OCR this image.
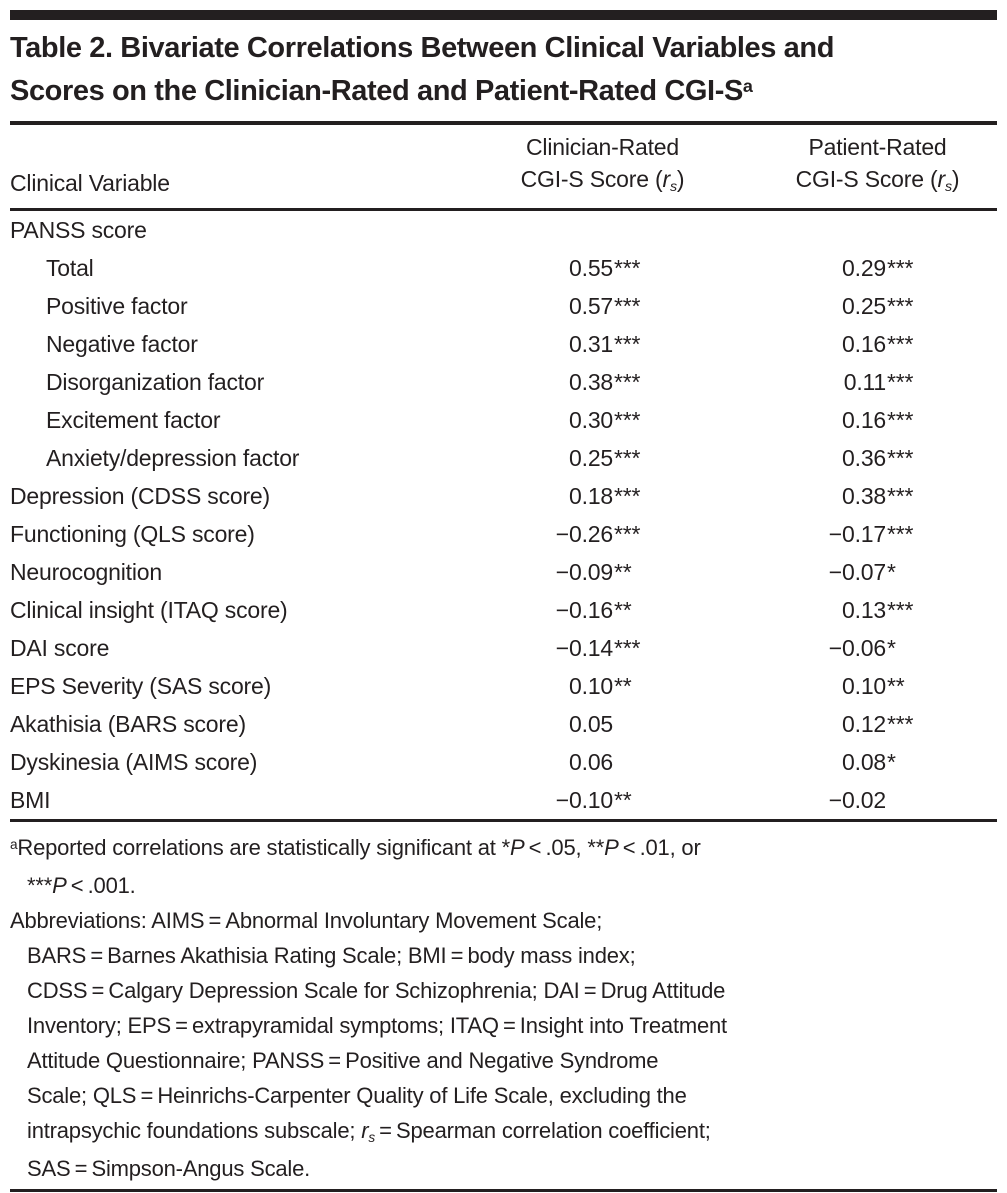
Table 2. Bivariate Correlations Between Clinical Variables and
Scores on the Clinician-Rated and Patient-Rated CGI-$S^a$
Clinical Variable
Clinician-Rated
CGI-S Score (rs)
Patient-Rated
CGI-S Score (rs)
PANSS score
Total	0.55 ***	0.29 ***
Positive factor	0.57 ***	0.25 ***
Negative factor	0.31 ***	0.16 ***
Disorganization factor	0.38 ***	0.11 ***
Excitement factor	0.30 ***	0.16 ***
Anxiety/depression factor	0.25 ***	0.36 ***
Depression (CDSS score)	0.18 ***	0.38 ***
Functioning (QLS score)	−0.26 ***	−0.17 ***
Neurocognition	−0.09 **	−0.07 *
Clinical insight (ITAQ score)	−0.16 **	0.13 ***
DAI score	−0.14 ***	−0.06 *
EPS Severity (SAS score)	0.10 **	0.10 **
Akathisia (BARS score)	0.05	0.12 ***
Dyskinesia (AIMS score)	0.06	0.08 *
BMI	−0.10 **	−0.02
$^a$Reported correlations are statistically significant at *P < .05, **P < .01, or
***P < .001.
Abbreviations: AIMS = Abnormal Involuntary Movement Scale;
BARS = Barnes Akathisia Rating Scale; BMI = body mass index;
CDSS = Calgary Depression Scale for Schizophrenia; DAI = Drug Attitude
Inventory; EPS = extrapyramidal symptoms; ITAQ = Insight into Treatment
Attitude Questionnaire; PANSS = Positive and Negative Syndrome
Scale; QLS = Heinrichs-Carpenter Quality of Life Scale, excluding the
intrapsychic foundations subscale; rs = Spearman correlation coefficient;
SAS = Simpson-Angus Scale.
